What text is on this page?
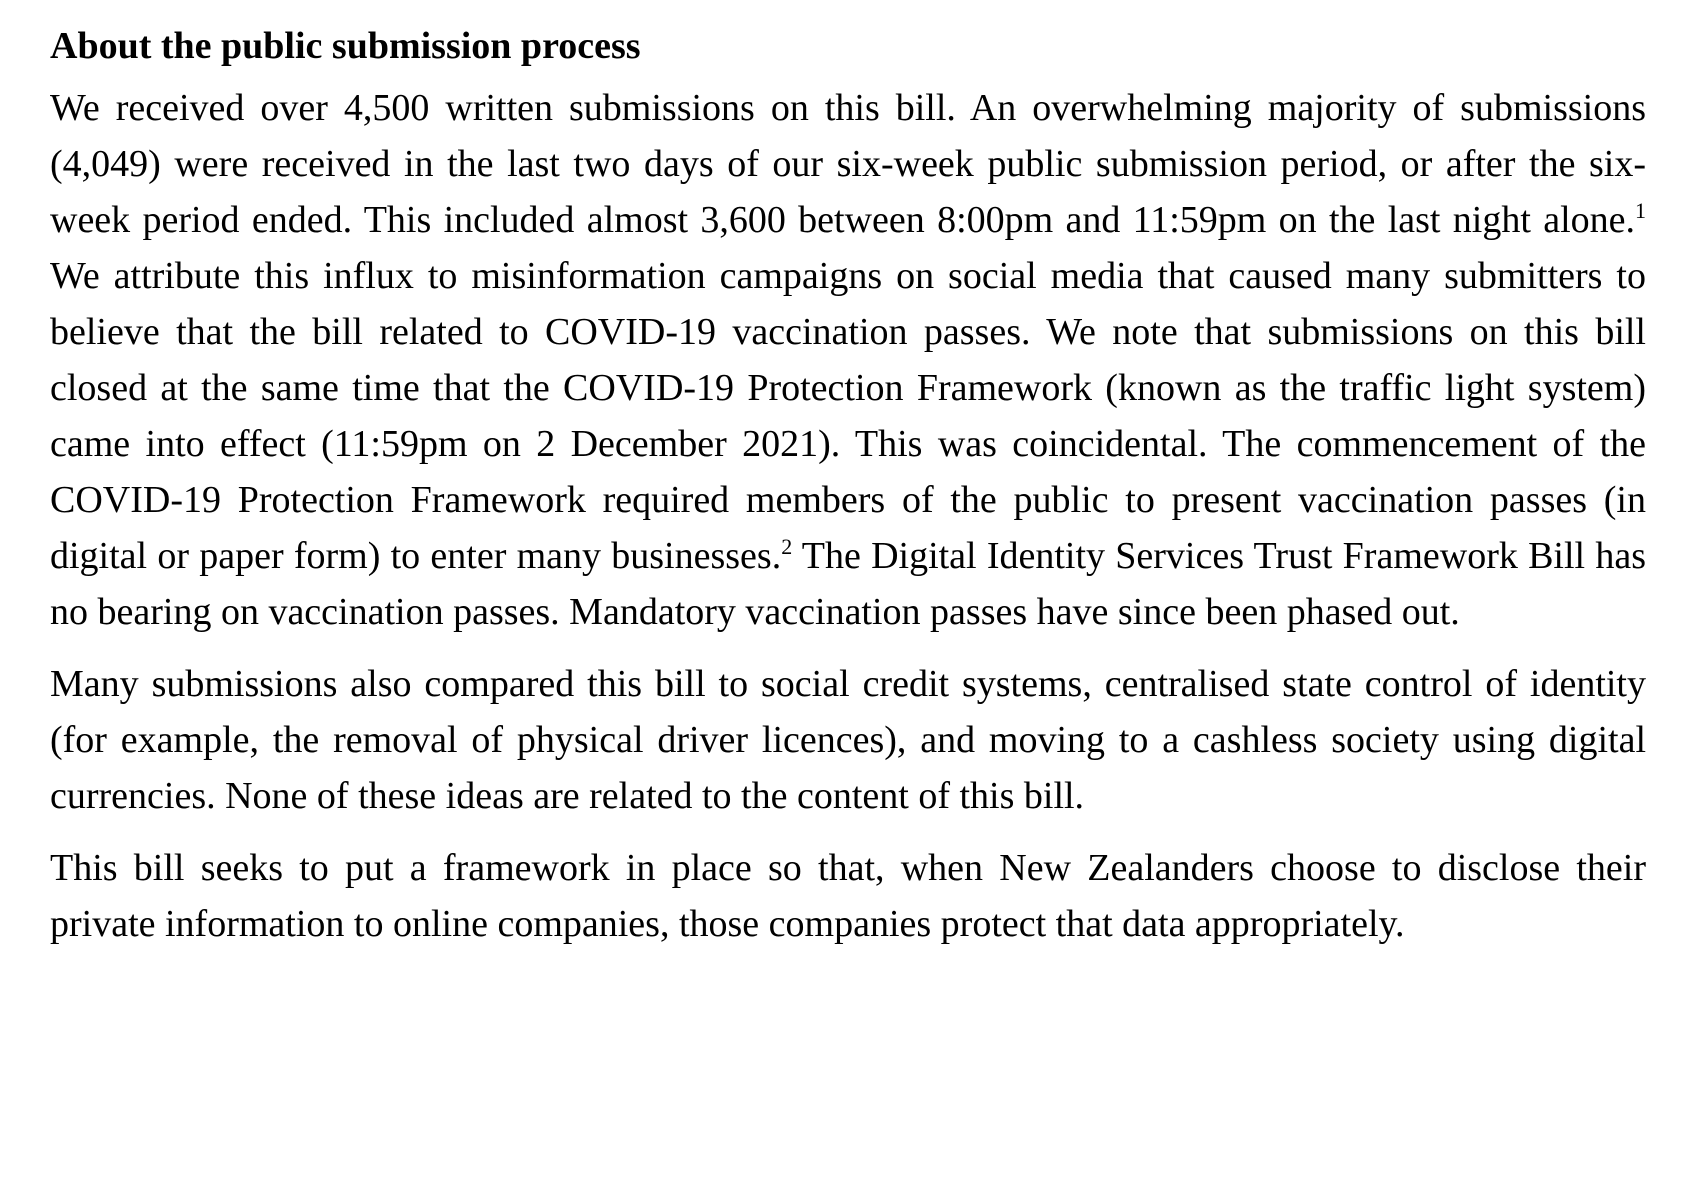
About the public submission process

We received over 4,500 written submissions on this bill. An overwhelming majority of submissions (4,049) were received in the last two days of our six-week public submission period, or after the six-week period ended. This included almost 3,600 between 8:00pm and 11:59pm on the last night alone.$^1$ We attribute this influx to misinformation campaigns on social media that caused many submitters to believe that the bill related to COVID-19 vaccination passes. We note that submissions on this bill closed at the same time that the COVID-19 Protection Framework (known as the traffic light system) came into effect (11:59pm on 2 December 2021). This was coincidental. The commencement of the COVID-19 Protection Framework required members of the public to present vaccination passes (in digital or paper form) to enter many businesses.$^2$ The Digital Identity Services Trust Framework Bill has no bearing on vaccination passes. Mandatory vaccination passes have since been phased out.

Many submissions also compared this bill to social credit systems, centralised state control of identity (for example, the removal of physical driver licences), and moving to a cashless society using digital currencies. None of these ideas are related to the content of this bill.

This bill seeks to put a framework in place so that, when New Zealanders choose to disclose their private information to online companies, those companies protect that data appropriately.
